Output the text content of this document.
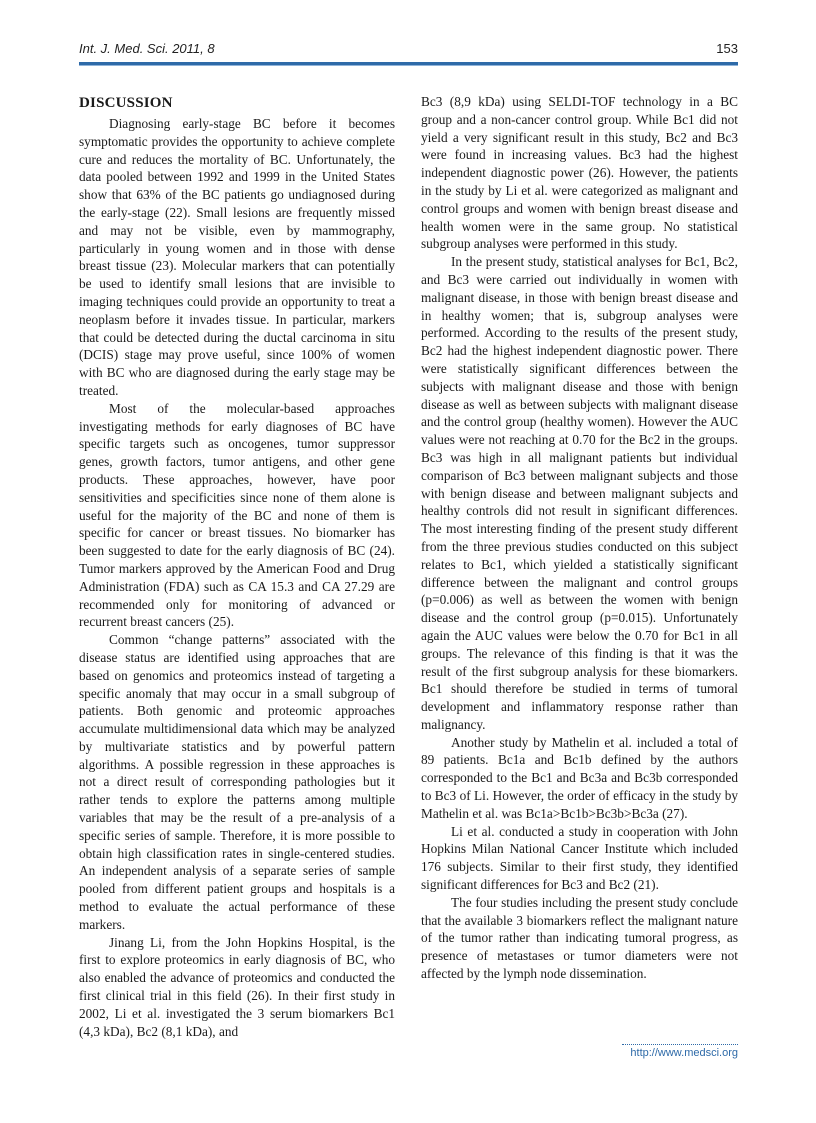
Int. J. Med. Sci. 2011, 8	153
DISCUSSION

Diagnosing early-stage BC before it becomes symptomatic provides the opportunity to achieve complete cure and reduces the mortality of BC. Unfortunately, the data pooled between 1992 and 1999 in the United States show that 63% of the BC patients go undiagnosed during the early-stage (22). Small lesions are frequently missed and may not be visible, even by mammography, particularly in young women and in those with dense breast tissue (23). Molecular markers that can potentially be used to identify small lesions that are invisible to imaging techniques could provide an opportunity to treat a neoplasm before it invades tissue. In particular, markers that could be detected during the ductal carcinoma in situ (DCIS) stage may prove useful, since 100% of women with BC who are diagnosed during the early stage may be treated.

Most of the molecular-based approaches investigating methods for early diagnoses of BC have specific targets such as oncogenes, tumor suppressor genes, growth factors, tumor antigens, and other gene products. These approaches, however, have poor sensitivities and specificities since none of them alone is useful for the majority of the BC and none of them is specific for cancer or breast tissues. No biomarker has been suggested to date for the early diagnosis of BC (24). Tumor markers approved by the American Food and Drug Administration (FDA) such as CA 15.3 and CA 27.29 are recommended only for monitoring of advanced or recurrent breast cancers (25).

Common “change patterns” associated with the disease status are identified using approaches that are based on genomics and proteomics instead of targeting a specific anomaly that may occur in a small subgroup of patients. Both genomic and proteomic approaches accumulate multidimensional data which may be analyzed by multivariate statistics and by powerful pattern algorithms. A possible regression in these approaches is not a direct result of corresponding pathologies but it rather tends to explore the patterns among multiple variables that may be the result of a pre-analysis of a specific series of sample. Therefore, it is more possible to obtain high classification rates in single-centered studies. An independent analysis of a separate series of sample pooled from different patient groups and hospitals is a method to evaluate the actual performance of these markers.

Jinang Li, from the John Hopkins Hospital, is the first to explore proteomics in early diagnosis of BC, who also enabled the advance of proteomics and conducted the first clinical trial in this field (26). In their first study in 2002, Li et al. investigated the 3 serum biomarkers Bc1 (4,3 kDa), Bc2 (8,1 kDa), and

Bc3 (8,9 kDa) using SELDI-TOF technology in a BC group and a non-cancer control group. While Bc1 did not yield a very significant result in this study, Bc2 and Bc3 were found in increasing values. Bc3 had the highest independent diagnostic power (26). However, the patients in the study by Li et al. were categorized as malignant and control groups and women with benign breast disease and health women were in the same group. No statistical subgroup analyses were performed in this study.

In the present study, statistical analyses for Bc1, Bc2, and Bc3 were carried out individually in women with malignant disease, in those with benign breast disease and in healthy women; that is, subgroup analyses were performed. According to the results of the present study, Bc2 had the highest independent diagnostic power. There were statistically significant differences between the subjects with malignant disease and those with benign disease as well as between subjects with malignant disease and the control group (healthy women). However the AUC values were not reaching at 0.70 for the Bc2 in the groups. Bc3 was high in all malignant patients but individual comparison of Bc3 between malignant subjects and those with benign disease and between malignant subjects and healthy controls did not result in significant differences. The most interesting finding of the present study different from the three previous studies conducted on this subject relates to Bc1, which yielded a statistically significant difference between the malignant and control groups (p=0.006) as well as between the women with benign disease and the control group (p=0.015). Unfortunately again the AUC values were below the 0.70 for Bc1 in all groups. The relevance of this finding is that it was the result of the first subgroup analysis for these biomarkers. Bc1 should therefore be studied in terms of tumoral development and inflammatory response rather than malignancy.

Another study by Mathelin et al. included a total of 89 patients. Bc1a and Bc1b defined by the authors corresponded to the Bc1 and Bc3a and Bc3b corresponded to Bc3 of Li. However, the order of efficacy in the study by Mathelin et al. was Bc1a>Bc1b>Bc3b>Bc3a (27).

Li et al. conducted a study in cooperation with John Hopkins Milan National Cancer Institute which included 176 subjects. Similar to their first study, they identified significant differences for Bc3 and Bc2 (21).

The four studies including the present study conclude that the available 3 biomarkers reflect the malignant nature of the tumor rather than indicating tumoral progress, as presence of metastases or tumor diameters were not affected by the lymph node dissemination.

http://www.medsci.org
